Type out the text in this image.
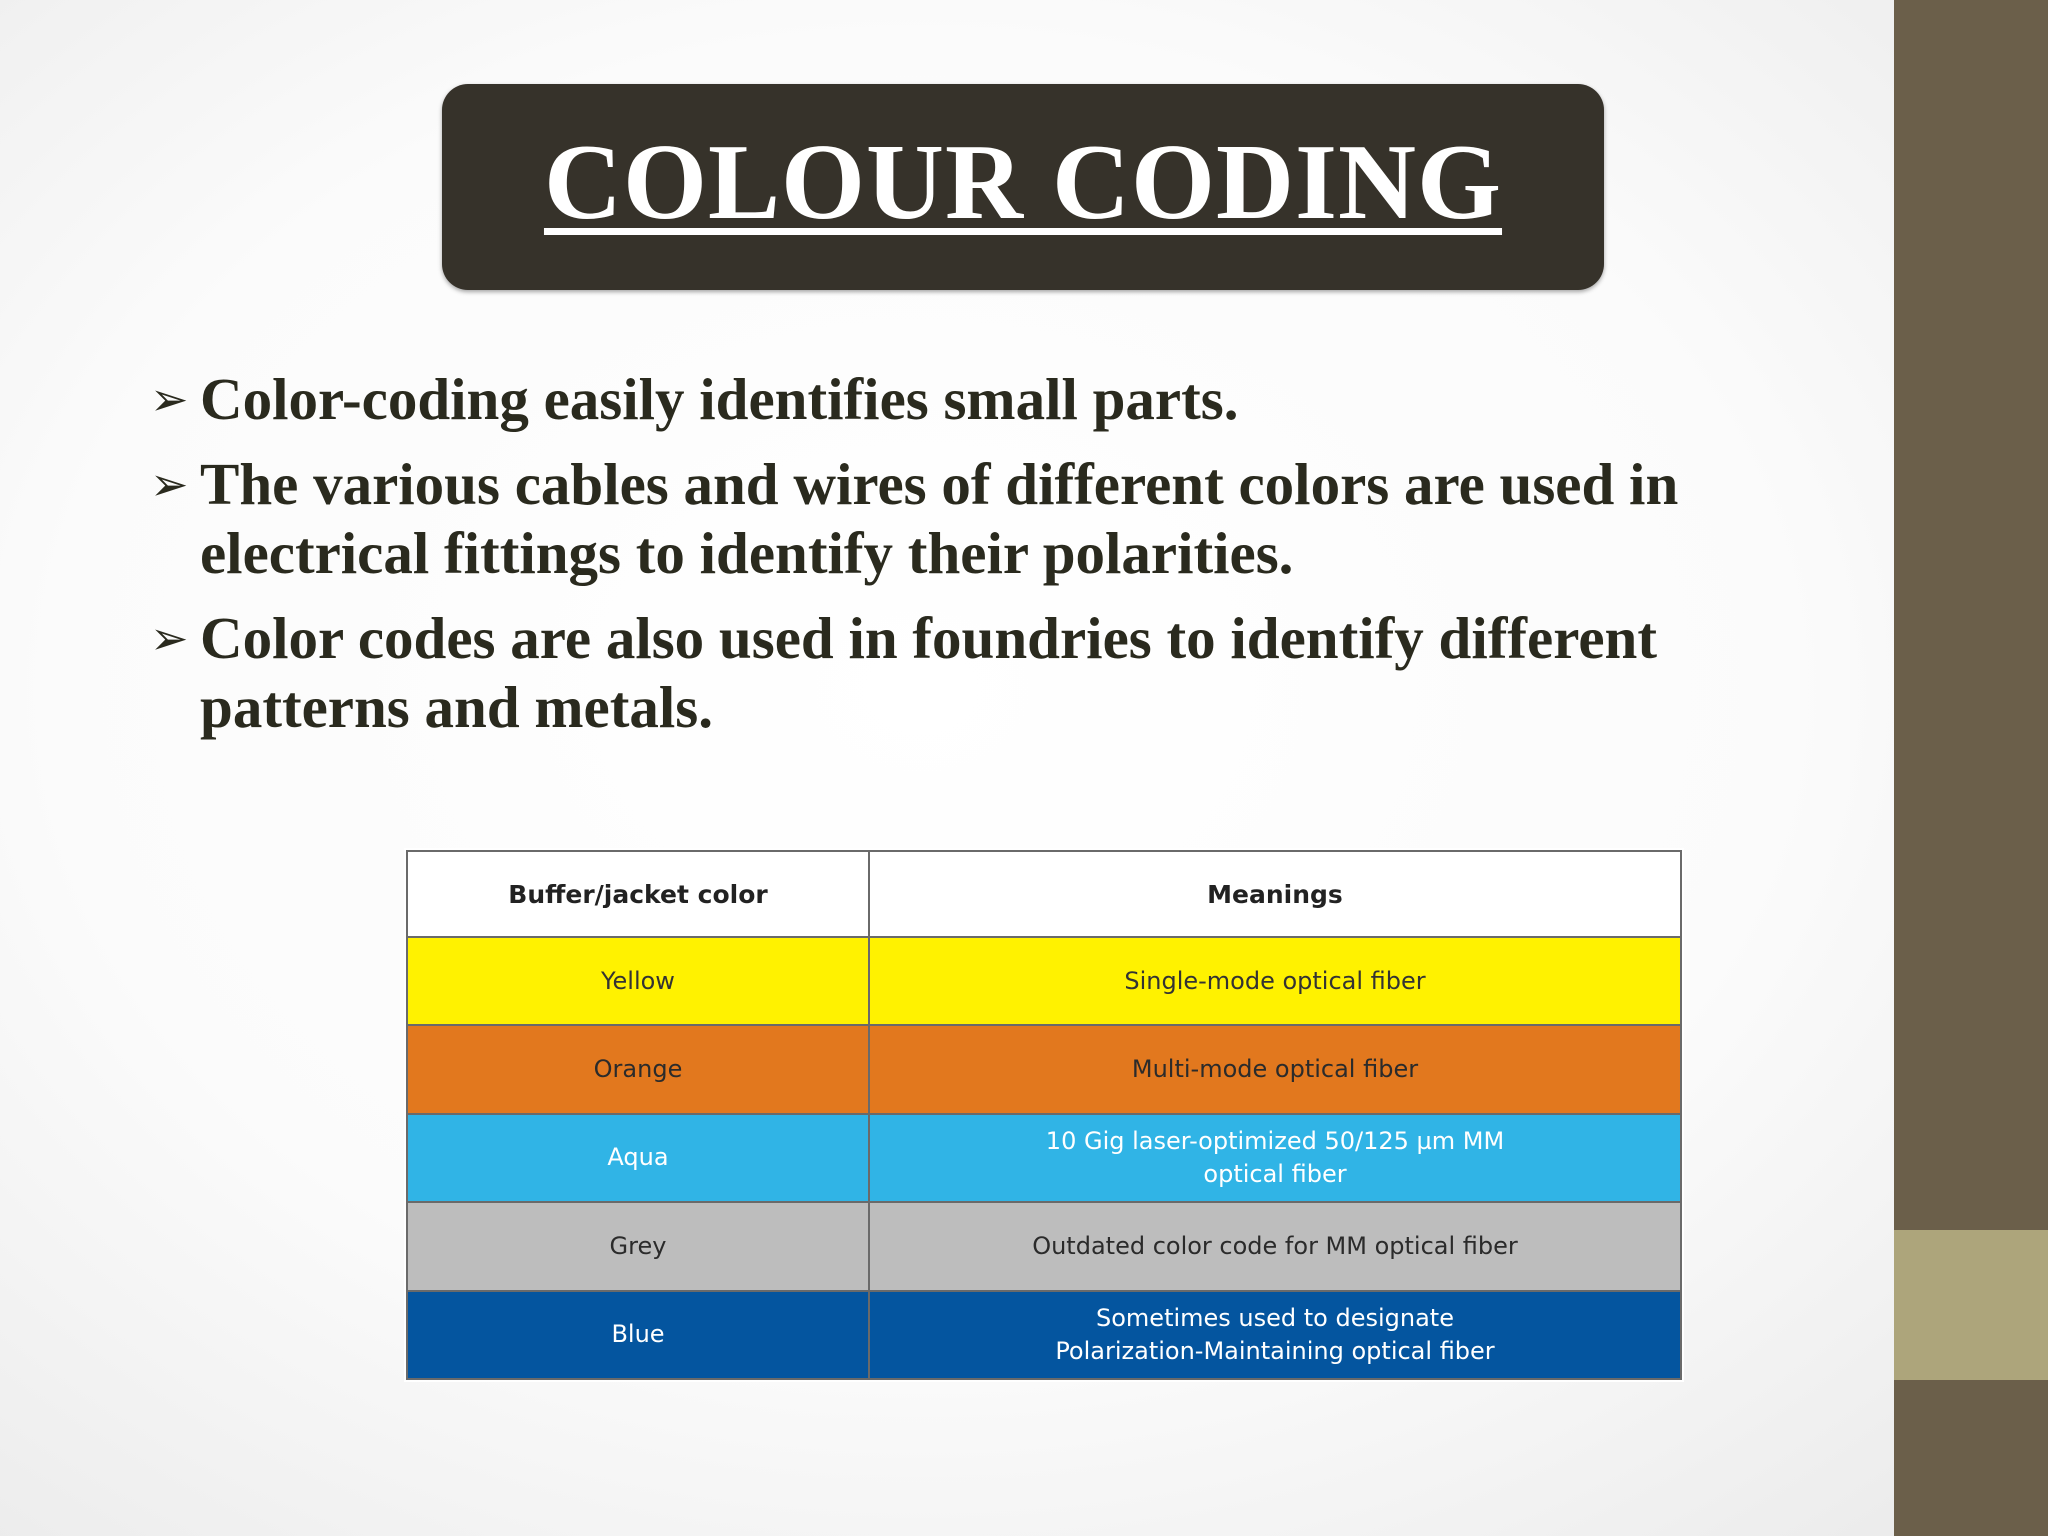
COLOUR CODING
➢ Color-coding easily identifies small parts.
➢ The various cables and wires of different colors are used in electrical fittings to identify their polarities.
➢ Color codes are also used in foundries to identify different patterns and metals.
Buffer/jacket color	Meanings
Yellow	Single-mode optical fiber
Orange	Multi-mode optical fiber
Aqua	10 Gig laser-optimized 50/125 µm MM optical fiber
Grey	Outdated color code for MM optical fiber
Blue	Sometimes used to designate Polarization-Maintaining optical fiber
